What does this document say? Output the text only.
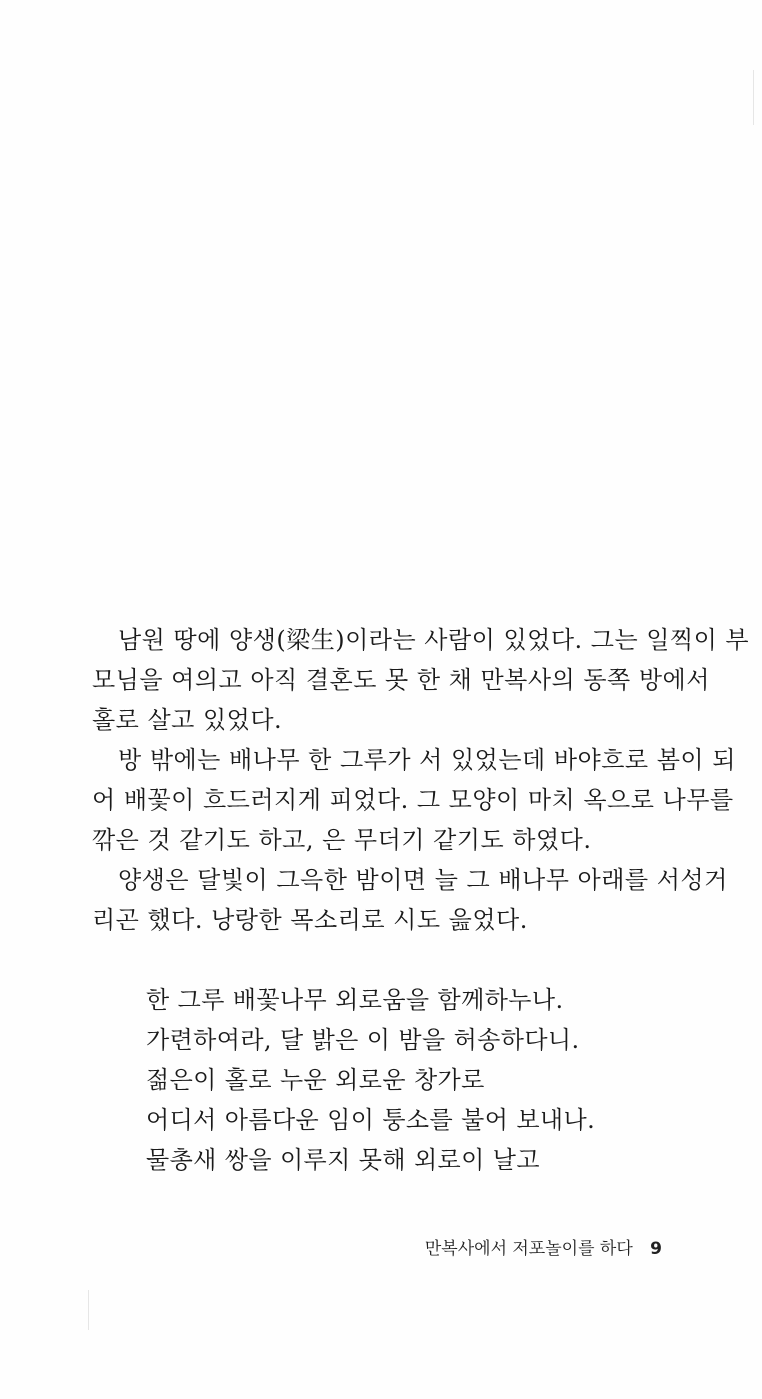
남원 땅에 양생(梁生)이라는 사람이 있었다. 그는 일찍이 부
모님을 여의고 아직 결혼도 못 한 채 만복사의 동쪽 방에서
홀로 살고 있었다.

방 밖에는 배나무 한 그루가 서 있었는데 바야흐로 봄이 되
어 배꽃이 흐드러지게 피었다. 그 모양이 마치 옥으로 나무를
깎은 것 같기도 하고, 은 무더기 같기도 하였다.

양생은 달빛이 그윽한 밤이면 늘 그 배나무 아래를 서성거
리곤 했다. 낭랑한 목소리로 시도 읊었다.

한 그루 배꽃나무 외로움을 함께하누나.
가련하여라, 달 밝은 이 밤을 허송하다니.
젊은이 홀로 누운 외로운 창가로
어디서 아름다운 임이 퉁소를 불어 보내나.
물총새 쌍을 이루지 못해 외로이 날고
만복사에서 저포놀이를 하다 9
